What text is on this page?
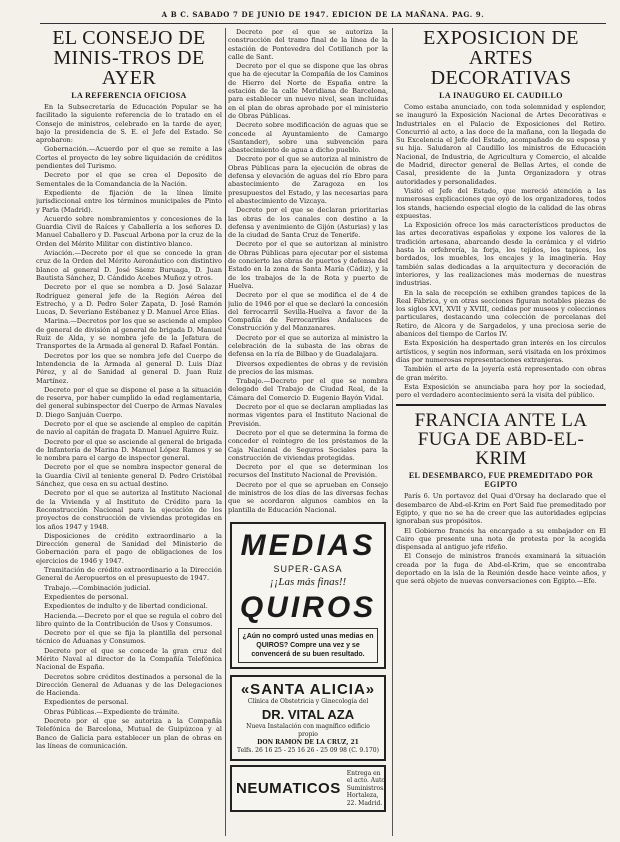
A B C. SABADO 7 DE JUNIO DE 1947. EDICION DE LA MAÑANA. PAG. 9.
EL CONSEJO DE MINIS-TROS DE AYER
LA REFERENCIA OFICIOSA

En la Subsecretaría de Educación Popular se ha facilitado la siguiente referencia de lo tratado en el Consejo de ministros, celebrado en la tarde de ayer, bajo la presidencia de S. E. el Jefe del Estado. Se aprobaron:

Gobernación.—Acuerdo por el que se remite a las Cortes el proyecto de ley sobre liquidación de créditos pendientes del Turismo.

Decreto por el que se crea el Deposito de Sementales de la Comandancia de la Nación.

Expediente de fijación de la línea límite jurisdiccional entre los términos municipales de Pinto y Parla (Madrid).

Acuerdo sobre nombramientos y concesiones de la Guardia Civil de Raíces y Caballería a los señores D. Manuel Caballero y D. Pascual Arbona por la cruz de la Orden del Mérito Militar con distintivo blanco.

Aviación.—Decreto por el que se concede la gran cruz de la Orden del Mérito Aeronáutico con distintivo blanco al general D. José Sáenz Buruaga, D. Juan Bautista Sánchez, D. Cándido Acebes Muñoz y otros.

Decreto por el que se nombra a D. José Salazar Rodríguez general jefe de la Región Aérea del Estrecho, y a D. Pedro Soler Zapata, D. José Ramón Lucas, D. Severiano Estébanez y D. Manuel Arce Elías.

Marina.—Decretos por los que se asciende al empleo de general de división al general de brigada D. Manuel Ruiz de Alda, y se nombra jefe de la Jefatura de Transportes de la Armada al general D. Rafael Fontán.

Decretos por los que se nombra jefe del Cuerpo de Intendencia de la Armada al general D. Luis Díaz Pérez, y al de Sanidad al general D. Juan Ruiz Martínez.

Decreto por el que se dispone el pase a la situación de reserva, por haber cumplido la edad reglamentaria, del general subinspector del Cuerpo de Armas Navales D. Diego Sanjuán Cuerpo.

Decreto por el que se asciende al empleo de capitán de navío al capitán de fragata D. Manuel Aguirre Ruiz.

Decreto por el que se asciende al general de brigada de Infantería de Marina D. Manuel López Ramos y se le nombra para el cargo de inspector general.

Decreto por el que se nombra inspector general de la Guardia Civil al teniente general D. Pedro Cristóbal Sánchez, que cesa en su actual destino.

Decreto por el que se autoriza al Instituto Nacional de la Vivienda y al Instituto de Crédito para la Reconstrucción Nacional para la ejecución de los proyectos de construcción de viviendas protegidas en los años 1947 y 1948.

Disposiciones de crédito extraordinario a la Dirección general de Sanidad del Ministerio de Gobernación para el pago de obligaciones de los ejercicios de 1946 y 1947.

Tramitación de crédito extraordinario a la Dirección General de Aeropuertos en el presupuesto de 1947.

Trabajo.—Combinación judicial.

Expedientes de personal.

Expedientes de indulto y de libertad condicional.

Hacienda.—Decreto por el que se regula el cobro del libro quinto de la Contribución de Usos y Consumos.

Decreto por el que se fija la plantilla del personal técnico de Aduanas y Consumos.

Decreto por el que se concede la gran cruz del Mérito Naval al director de la Compañía Telefónica Nacional de España.

Decretos sobre créditos destinados a personal de la Dirección General de Aduanas y de las Delegaciones de Hacienda.

Expedientes de personal.

Obras Públicas.—Expediente de trámite.

Decreto por el que se autoriza a la Compañía Telefónica de Barcelona, Mutual de Guipúzcoa y al Banco de Galicia para establecer un plan de obras en las líneas de comunicación.

Decreto por el que se autoriza la construcción del tramo final de la línea de la estación de Pontevedra del Cotillanch por la calle de Sant.

Decreto por el que se dispone que las obras que ha de ejecutar la Compañía de los Caminos de Hierro del Norte de España entre la estación de la calle Meridiana de Barcelona, para establecer un nuevo nivel, sean incluidas en el plan de obras aprobado por el ministerio de Obras Públicas.

Decreto sobre modificación de aguas que se concede al Ayuntamiento de Camargo (Santander), sobre una subvención para abastecimiento de agua a dicho pueblo.

Decreto por el que se autoriza al ministro de Obras Públicas para la ejecución de obras de defensa y elevación de aguas del río Ebro para abastecimiento de Zaragoza en los presupuestos del Estado, y las necesarias para el abastecimiento de Vizcaya.

Decreto por el que se declaran prioritarias las obras de los canales con destino a la defensa y avenimiento de Gijón (Asturias) y las de la ciudad de Santa Cruz de Tenerife.

Decreto por el que se autorizan al ministro de Obras Públicas para ejecutar por el sistema de concierto las obras de puertos y defensa del Estado en la zona de Santa María (Cádiz), y la de los trabajos de la de Rota y puerto de Huelva.

Decreto por el que se modifica el de 4 de julio de 1946 por el que se declaró la concesión del ferrocarril Sevilla-Huelva a favor de la Compañía de Ferrocarriles Andaluces de Construcción y del Manzanares.

Decreto por el que se autoriza al ministro la celebración de la subasta de las obras de defensa en la ría de Bilbao y de Guadalajara.

Diversos expedientes de obras y de revisión de precios de las mismas.

Trabajo.—Decreto por el que se nombra delegado del Trabajo de Ciudad Real, de la Cámara del Comercio D. Eugenio Bayón Vidal.

Decreto por el que se declaran ampliadas las normas vigentes para el Instituto Nacional de Previsión.

Decreto por el que se determina la forma de conceder el reintegro de los préstamos de la Caja Nacional de Seguros Sociales para la construcción de viviendas protegidas.

Decreto por el que se determinan los recursos del Instituto Nacional de Previsión.

Decreto por el que se aprueban en Consejo de ministros de los días de las diversas fechas que se acordaron algunos cambios en la plantilla de Educación Nacional.

MEDIAS
SUPER-GASA
¡¡Las más finas!!
QUIROS
¿Aún no compró usted unas medias en QUIROS? Compre una vez y se convencerá de su buen resultado.
«SANTA ALICIA»
Clínica de Obstetricia y Ginecología del
DR. VITAL AZA
Nueva Instalación con magnífico edificio propio
DON RAMON DE LA CRUZ, 21
Telfs. 26 16 25 - 25 16 26 - 25 09 98 (C. 9.170)
NEUMATICOS
Entrega en el acto. Auto Suministros.
Hortaleza, 22. Madrid.
EXPOSICION DE ARTES DECORATIVAS
LA INAUGURO EL CAUDILLO

Como estaba anunciado, con toda solemnidad y esplendor, se inauguró la Exposición Nacional de Artes Decorativas e Industriales en el Palacio de Exposiciones del Retiro. Concurrió al acto, a las doce de la mañana, con la llegada de Su Excelencia el Jefe del Estado, acompañado de su esposa y su hija. Saludaron al Caudillo los ministros de Educación Nacional, de Industria, de Agricultura y Comercio, el alcalde de Madrid, director general de Bellas Artes, el conde de Casal, presidente de la Junta Organizadora y otras autoridades y personalidades.

Visitó el Jefe del Estado, que mereció atención a las numerosas explicaciones que oyó de los organizadores, todos los stands, haciendo especial elogio de la calidad de las obras expuestas.

La Exposición ofrece los más característicos productos de las artes decorativas españolas y expone los valores de la tradición artesana, abarcando desde la cerámica y el vidrio hasta la orfebrería, la forja, los tejidos, los tapices, los bordados, los muebles, los encajes y la imaginería. Hay también salas dedicadas a la arquitectura y decoración de interiores, y las realizaciones más modernas de nuestras industrias.

En la sala de recepción se exhiben grandes tapices de la Real Fábrica, y en otras secciones figuran notables piezas de los siglos XVI, XVII y XVIII, cedidas por museos y colecciones particulares, destacando una colección de porcelanas del Retiro, de Alcora y de Sargadelos, y una preciosa serie de abanicos del tiempo de Carlos IV.

Esta Exposición ha despertado gran interés en los círculos artísticos, y según nos informan, será visitada en los próximos días por numerosas representaciones extranjeras.

También el arte de la joyería está representado con obras de gran mérito.

Esta Exposición se anunciaba para hoy por la sociedad, pero el verdadero acontecimiento será la visita del público.

FRANCIA ANTE LA FUGA DE ABD-EL-KRIM
EL DESEMBARCO, FUE PREMEDITADO POR EGIPTO

París 6. Un portavoz del Quai d'Orsay ha declarado que el desembarco de Abd-el-Krim en Port Said fue premeditado por Egipto, y que no se ha de creer que las autoridades egipcias ignoraban sus propósitos.

El Gobierno francés ha encargado a su embajador en El Cairo que presente una nota de protesta por la acogida dispensada al antiguo jefe rifeño.

El Consejo de ministros francés examinará la situación creada por la fuga de Abd-el-Krim, que se encontraba deportado en la isla de la Reunión desde hace veinte años, y que será objeto de nuevas conversaciones con Egipto.—Efe.
